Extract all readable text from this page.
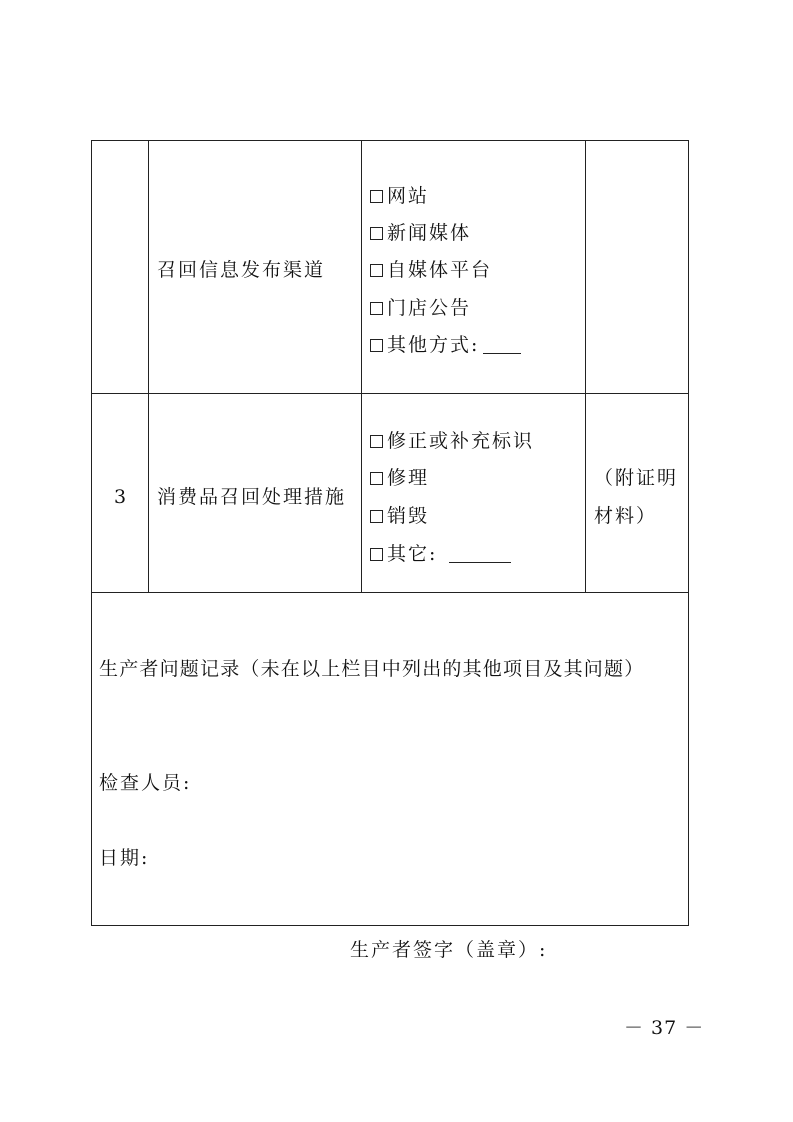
召回信息发布渠道
网站
新闻媒体
自媒体平台
门店公告
其他方式:
3 消费品召回处理措施
修正或补充标识
修理
销毁
其它:
（附证明
材料）
生产者问题记录（未在以上栏目中列出的其他项目及其问题）
检查人员:
日期:
生产者签字（盖章）:
－ 37 －
